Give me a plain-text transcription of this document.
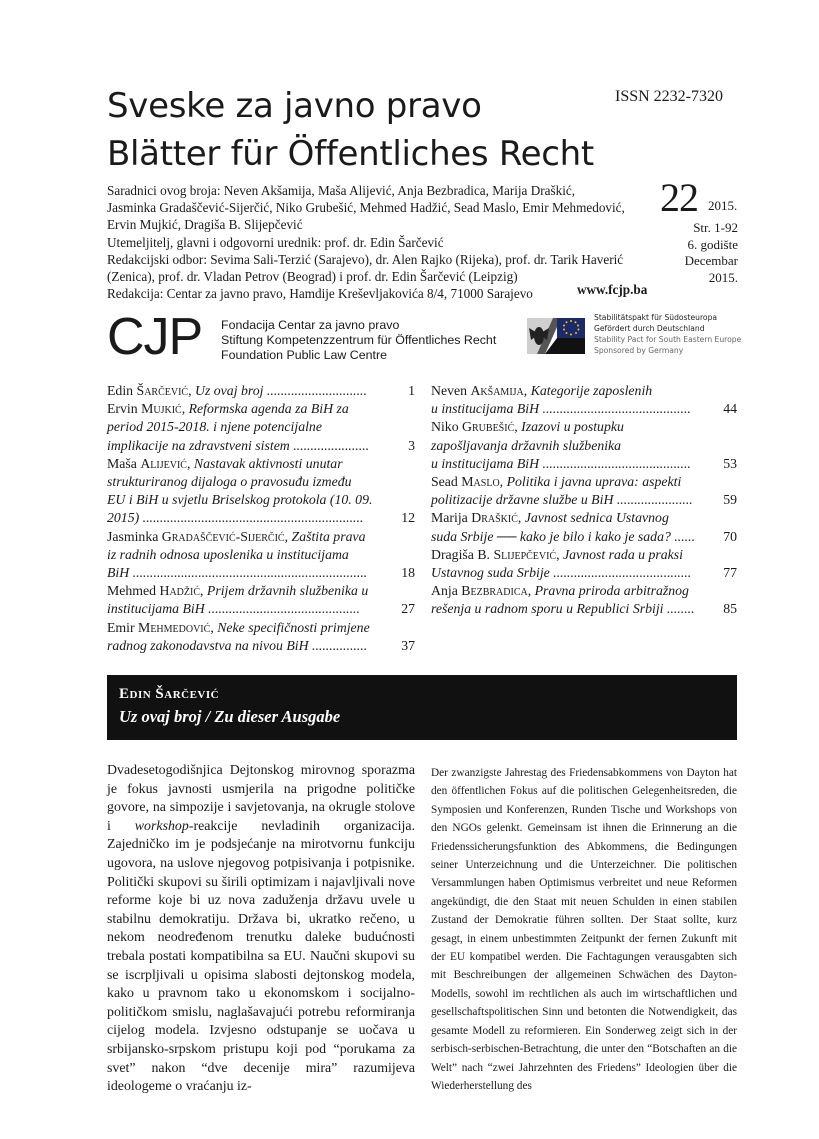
ISSN 2232-7320
Sveske za javno pravo
Blätter für Öffentliches Recht
Saradnici ovog broja: Neven Akšamija, Maša Alijević, Anja Bezbradica, Marija Draškić,
Jasminka Gradaščević-Sijerčić, Niko Grubešić, Mehmed Hadžić, Sead Maslo, Emir Mehmedović,
Ervin Mujkić, Dragiša B. Slijepčević
Utemeljitelj, glavni i odgovorni urednik: prof. dr. Edin Šarčević
Redakcijski odbor: Sevima Sali-Terzić (Sarajevo), dr. Alen Rajko (Rijeka), prof. dr. Tarik Haverić
(Zenica), prof. dr. Vladan Petrov (Beograd) i prof. dr. Edin Šarčević (Leipzig)
Redakcija: Centar za javno pravo, Hamdije Kreševljakovića 8/4, 71000 Sarajevo	www.fcjp.ba
22 2015.
Str. 1-92
6. godište
Decembar
2015.
CJP Fondacija Centar za javno pravo
Stiftung Kompetenzzentrum für Öffentliches Recht
Foundation Public Law Centre
Stabilitätspakt für Südosteuropa
Gefördert durch Deutschland
Stability Pact for South Eastern Europe
Sponsored by Germany
Edin Šarčević, Uz ovaj broj .............................	1
Ervin Mujkić, Reformska agenda za BiH za
period 2015-2018. i njene potencijalne
implikacije na zdravstveni sistem ......................	3
Maša Alijević, Nastavak aktivnosti unutar
strukturiranog dijaloga o pravosuđu između
EU i BiH u svjetlu Briselskog protokola (10. 09.
2015) ................................................................	12
Jasminka Gradaščević-Sijerčić, Zaštita prava
iz radnih odnosa uposlenika u institucijama
BiH .................................................................... 18
Mehmed Hadžić, Prijem državnih službenika u
institucijama BiH ............................................	27
Emir Mehmedović, Neke specifičnosti primjene
radnog zakonodavstva na nivou BiH ................ 37
Neven Akšamija, Kategorije zaposlenih
u institucijama BiH ........................................... 44
Niko Grubešić, Izazovi u postupku
zapošljavanja državnih službenika
u institucijama BiH ........................................... 53
Sead Maslo, Politika i javna uprava: aspekti
politizacije državne službe u BiH ...................... 59
Marija Draškić, Javnost sednica Ustavnog
suda Srbije ── kako je bilo i kako je sada? ...... 70
Dragiša B. Slijepčević, Javnost rada u praksi
Ustavnog suda Srbije ........................................ 77
Anja Bezbradica, Pravna priroda arbitražnog
rešenja u radnom sporu u Republici Srbiji ........ 85
Edin Šarčević
Uz ovaj broj / Zu dieser Ausgabe
Dvadesetogodišnjica Dejtonskog mirovnog sporazma je fokus javnosti usmjerila na prigodne političke govore, na simpozije i savjetovanja, na okrugle stolove i workshop-reakcije nevladinih organizacija. Zajedničko im je podsjećanje na mirotvornu funkciju ugovora, na uslove njegovog potpisivanja i potpisnike. Politički skupovi su širili optimizam i najavljivali nove reforme koje bi uz nova zaduženja državu uvele u stabilnu demokratiju. Država bi, ukratko rečeno, u nekom neodređenom trenutku daleke budućnosti trebala postati kompatibilna sa EU. Naučni skupovi su se iscrpljivali u opisima slabosti dejtonskog modela, kako u pravnom tako u ekonomskom i socijalno-političkom smislu, naglašavajući potrebu reformiranja cijelog modela. Izvjesno odstupanje se uočava u srbijansko-srpskom pristupu koji pod “porukama za svet” nakon “dve decenije mira” razumijeva ideologeme o vraćanju iz-
Der zwanzigste Jahrestag des Friedensabkommens von Dayton hat den öffentlichen Fokus auf die politischen Gelegenheitsreden, die Symposien und Konferenzen, Runden Tische und Workshops von den NGOs gelenkt. Gemeinsam ist ihnen die Erinnerung an die Friedenssicherungsfunktion des Abkommens, die Bedingungen seiner Unterzeichnung und die Unterzeichner. Die politischen Versammlungen haben Optimismus verbreitet und neue Reformen angekündigt, die den Staat mit neuen Schulden in einen stabilen Zustand der Demokratie führen sollten. Der Staat sollte, kurz gesagt, in einem unbestimmten Zeitpunkt der fernen Zukunft mit der EU kompatibel werden. Die Fachtagungen verausgabten sich mit Beschreibungen der allgemeinen Schwächen des Dayton-Modells, sowohl im rechtlichen als auch im wirtschaftlichen und gesellschaftspolitischen Sinn und betonten die Notwendigkeit, das gesamte Modell zu reformieren. Ein Sonderweg zeigt sich in der serbisch-serbischen-Betrachtung, die unter den “Botschaften an die Welt” nach “zwei Jahrzehnten des Friedens” Ideologien über die Wiederherstellung des
